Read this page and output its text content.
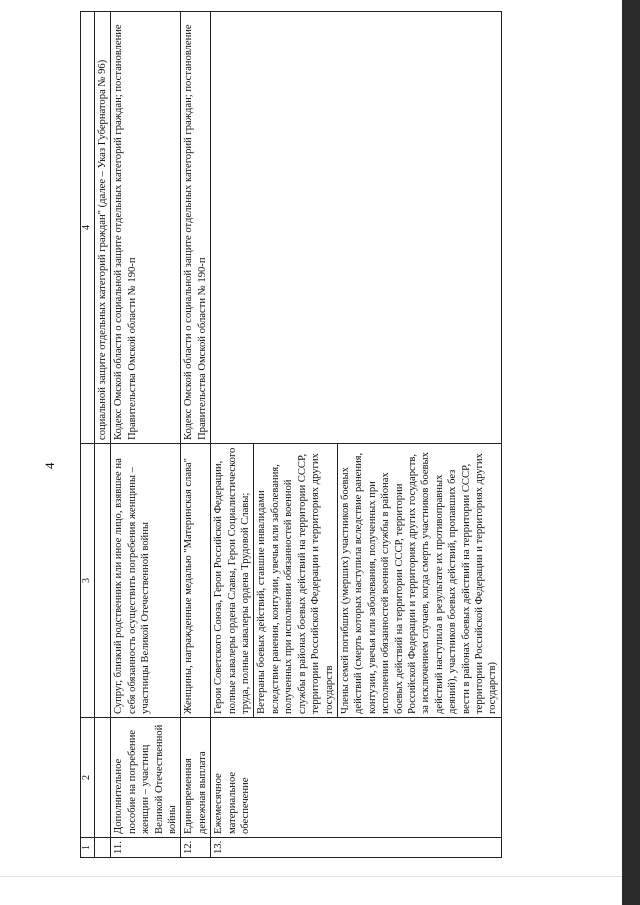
4
1	2	3	4
			социальной защите отдельных категорий граждан" (далее – Указ Губернатора № 96)
11.	Дополнительное пособие на погребение женщин – участниц Великой Отечественной войны	Супруг, близкий родственник или иное лицо, взявшее на себя обязанность осуществить погребения женщины – участницы Великой Отечественной войны	Кодекс Омской области о социальной защите отдельных категорий граждан; постановление Правительства Омской области № 190-п
12.	Единовременная денежная выплата	Женщины, награжденные медалью "Материнская слава"	Кодекс Омской области о социальной защите отдельных категорий граждан; постановление Правительства Омской области № 190-п
13.	Ежемесячное материальное обеспечение	Герои Советского Союза, Герои Российской Федерации, полные кавалеры ордена Славы, Герои Социалистического труда, полные кавалеры ордена Трудовой Славы; Ветераны боевых действий, ставшие инвалидами вследствие ранения, контузии, увечья или заболевания, полученных при исполнении обязанностей военной службы в районах боевых действий на территории СССР, территории Российской Федерации и территориях других государств Члены семей погибших (умерших) участников боевых действий (смерть которых наступила вследствие ранения, контузии, увечья или заболевания, полученных при исполнении обязанностей военной службы в районах боевых действий на территории СССР, территории Российской Федерации и территориях других государств, за исключением случаев, когда смерть участников боевых действий наступила в результате их противоправных деяний), участников боевых действий, пропавших без вести в районах боевых действий на территории СССР, территории Российской Федерации и территориях других государств)	
